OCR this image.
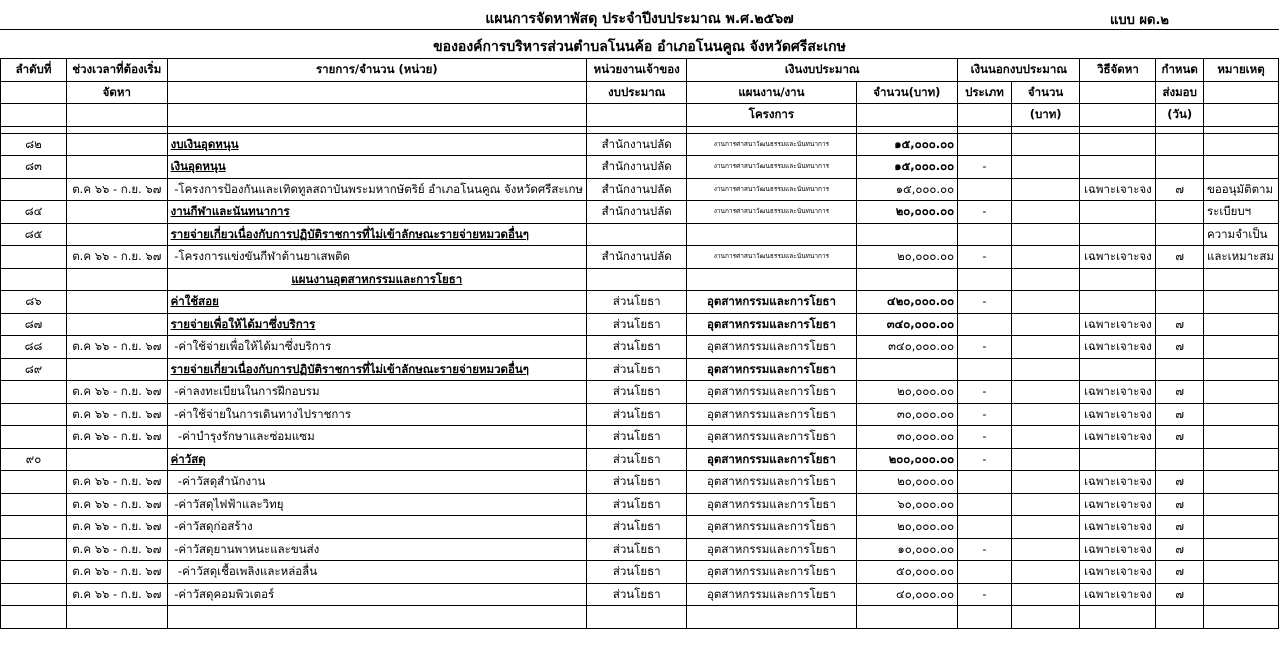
แผนการจัดหาพัสดุ ประจำปีงบประมาณ พ.ศ.๒๕๖๗	แบบ ผด.๒
ขององค์การบริหารส่วนตำบลโนนค้อ อำเภอโนนคูณ จังหวัดศรีสะเกษ
ลำดับที่	ช่วงเวลาที่ต้องเริ่ม	รายการ/จำนวน (หน่วย)	หน่วยงานเจ้าของ	เงินงบประมาณ		เงินนอกงบประมาณ		วิธีจัดหา	กำหนด	หมายเหตุ
	จัดหา		งบประมาณ	แผนงาน/งาน	จำนวน(บาท)	ประเภท	จำนวน		ส่งมอบ	
				โครงการ			(บาท)		(วัน)	

๘๒		งบเงินอุดหนุน	สำนักงานปลัด	งานการศาสนาวัฒนธรรมและนันทนาการ	๑๕,๐๐๐.๐๐					
๘๓		เงินอุดหนุน	สำนักงานปลัด	งานการศาสนาวัฒนธรรมและนันทนาการ	๑๕,๐๐๐.๐๐	-				
	ต.ค ๖๖ - ก.ย. ๖๗	-โครงการป้องกันและเทิดทูลสถาบันพระมหากษัตริย์ อำเภอโนนคูณ จังหวัดศรีสะเกษ	สำนักงานปลัด	งานการศาสนาวัฒนธรรมและนันทนาการ	๑๕,๐๐๐.๐๐			เฉพาะเจาะจง	๗	ขออนุมัติตาม
๘๔		งานกีฬาและนันทนาการ	สำนักงานปลัด	งานการศาสนาวัฒนธรรมและนันทนาการ	๒๐,๐๐๐.๐๐	-				ระเบียบฯ
๘๕		รายจ่ายเกี่ยวเนื่องกับการปฏิบัติราชการที่ไม่เข้าลักษณะรายจ่ายหมวดอื่นๆ								ความจำเป็น
	ต.ค ๖๖ - ก.ย. ๖๗	-โครงการแข่งขันกีฬาต้านยาเสพติด	สำนักงานปลัด	งานการศาสนาวัฒนธรรมและนันทนาการ	๒๐,๐๐๐.๐๐	-		เฉพาะเจาะจง	๗	และเหมาะสม
		แผนงานอุตสาหกรรมและการโยธา								
๘๖		ค่าใช้สอย	ส่วนโยธา	อุตสาหกรรมและการโยธา	๔๒๐,๐๐๐.๐๐	-				
๘๗		รายจ่ายเพื่อให้ได้มาซึ่งบริการ	ส่วนโยธา	อุตสาหกรรมและการโยธา	๓๔๐,๐๐๐.๐๐			เฉพาะเจาะจง	๗	
๘๘	ต.ค ๖๖ - ก.ย. ๖๗	-ค่าใช้จ่ายเพื่อให้ได้มาซึ่งบริการ	ส่วนโยธา	อุตสาหกรรมและการโยธา	๓๔๐,๐๐๐.๐๐	-		เฉพาะเจาะจง	๗	
๘๙		รายจ่ายเกี่ยวเนื่องกับการปฏิบัติราชการที่ไม่เข้าลักษณะรายจ่ายหมวดอื่นๆ	ส่วนโยธา	อุตสาหกรรมและการโยธา						
	ต.ค ๖๖ - ก.ย. ๖๗	-ค่าลงทะเบียนในการฝึกอบรม	ส่วนโยธา	อุตสาหกรรมและการโยธา	๒๐,๐๐๐.๐๐	-		เฉพาะเจาะจง	๗	
	ต.ค ๖๖ - ก.ย. ๖๗	-ค่าใช้จ่ายในการเดินทางไปราชการ	ส่วนโยธา	อุตสาหกรรมและการโยธา	๓๐,๐๐๐.๐๐	-		เฉพาะเจาะจง	๗	
	ต.ค ๖๖ - ก.ย. ๖๗	-ค่าบำรุงรักษาและซ่อมแซม	ส่วนโยธา	อุตสาหกรรมและการโยธา	๓๐,๐๐๐.๐๐	-		เฉพาะเจาะจง	๗	
๙๐		ค่าวัสดุ	ส่วนโยธา	อุตสาหกรรมและการโยธา	๒๐๐,๐๐๐.๐๐	-				
	ต.ค ๖๖ - ก.ย. ๖๗	-ค่าวัสดุสำนักงาน	ส่วนโยธา	อุตสาหกรรมและการโยธา	๒๐,๐๐๐.๐๐			เฉพาะเจาะจง	๗	
	ต.ค ๖๖ - ก.ย. ๖๗	-ค่าวัสดุไฟฟ้าและวิทยุ	ส่วนโยธา	อุตสาหกรรมและการโยธา	๖๐,๐๐๐.๐๐			เฉพาะเจาะจง	๗	
	ต.ค ๖๖ - ก.ย. ๖๗	-ค่าวัสดุก่อสร้าง	ส่วนโยธา	อุตสาหกรรมและการโยธา	๒๐,๐๐๐.๐๐			เฉพาะเจาะจง	๗	
	ต.ค ๖๖ - ก.ย. ๖๗	-ค่าวัสดุยานพาหนะและขนส่ง	ส่วนโยธา	อุตสาหกรรมและการโยธา	๑๐,๐๐๐.๐๐	-		เฉพาะเจาะจง	๗	
	ต.ค ๖๖ - ก.ย. ๖๗	-ค่าวัสดุเชื้อเพลิงและหล่อลื่น	ส่วนโยธา	อุตสาหกรรมและการโยธา	๕๐,๐๐๐.๐๐			เฉพาะเจาะจง	๗	
	ต.ค ๖๖ - ก.ย. ๖๗	-ค่าวัสดุคอมพิวเตอร์	ส่วนโยธา	อุตสาหกรรมและการโยธา	๔๐,๐๐๐.๐๐	-		เฉพาะเจาะจง	๗	
